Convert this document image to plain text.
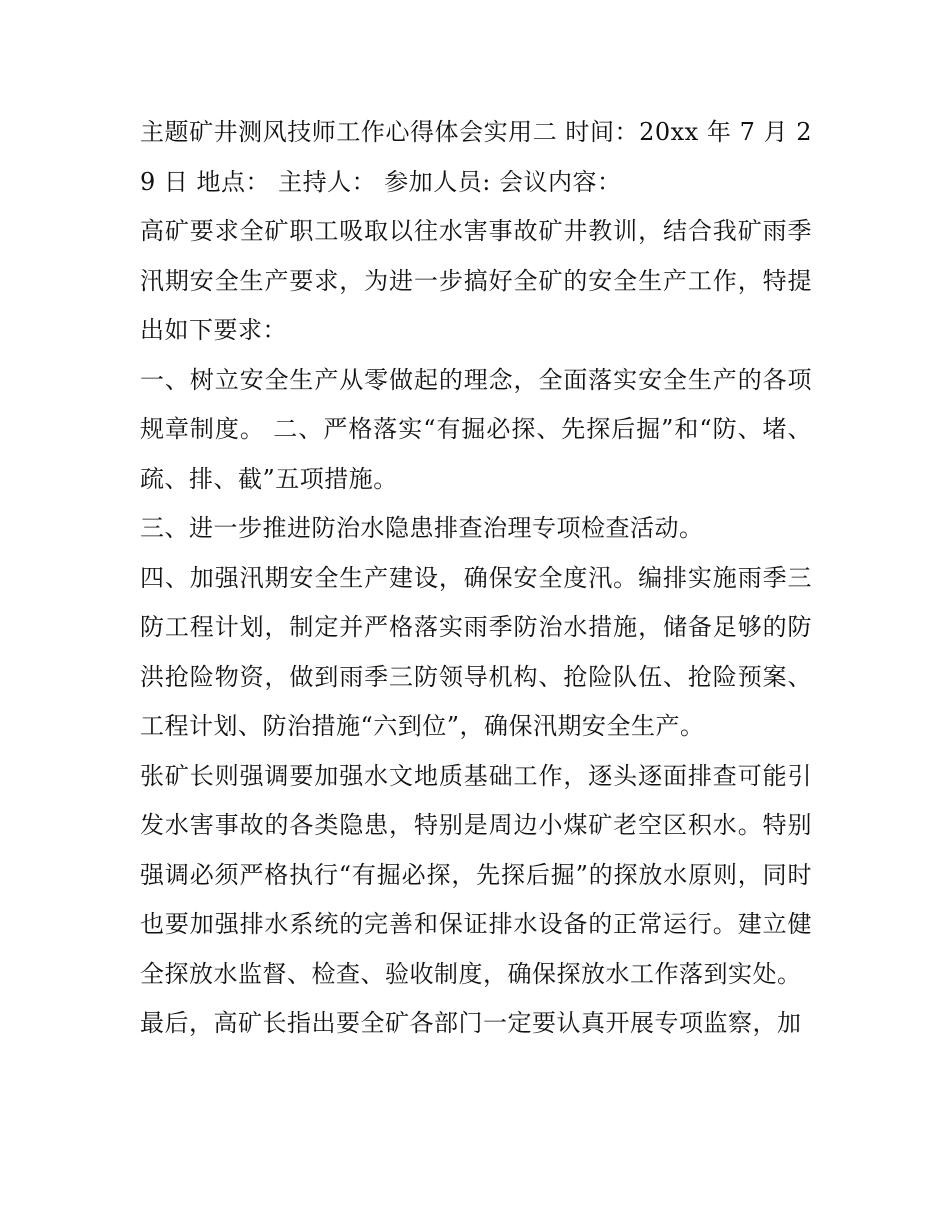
主题矿井测风技师工作心得体会实用二 时间：20xx 年 7 月 29 日 地点： 主持人： 参加人员: 会议内容：

高矿要求全矿职工吸取以往水害事故矿井教训，结合我矿雨季汛期安全生产要求，为进一步搞好全矿的安全生产工作，特提出如下要求：

一、树立安全生产从零做起的理念，全面落实安全生产的各项规章制度。 二、严格落实“有掘必探、先探后掘”和“防、堵、疏、排、截”五项措施。

三、进一步推进防治水隐患排查治理专项检查活动。

四、加强汛期安全生产建设，确保安全度汛。编排实施雨季三防工程计划，制定并严格落实雨季防治水措施，储备足够的防洪抢险物资，做到雨季三防领导机构、抢险队伍、抢险预案、工程计划、防治措施“六到位”，确保汛期安全生产。

张矿长则强调要加强水文地质基础工作，逐头逐面排查可能引发水害事故的各类隐患，特别是周边小煤矿老空区积水。特别强调必须严格执行“有掘必探，先探后掘”的探放水原则，同时也要加强排水系统的完善和保证排水设备的正常运行。建立健全探放水监督、检查、验收制度，确保探放水工作落到实处。

最后，高矿长指出要全矿各部门一定要认真开展专项监察，加
